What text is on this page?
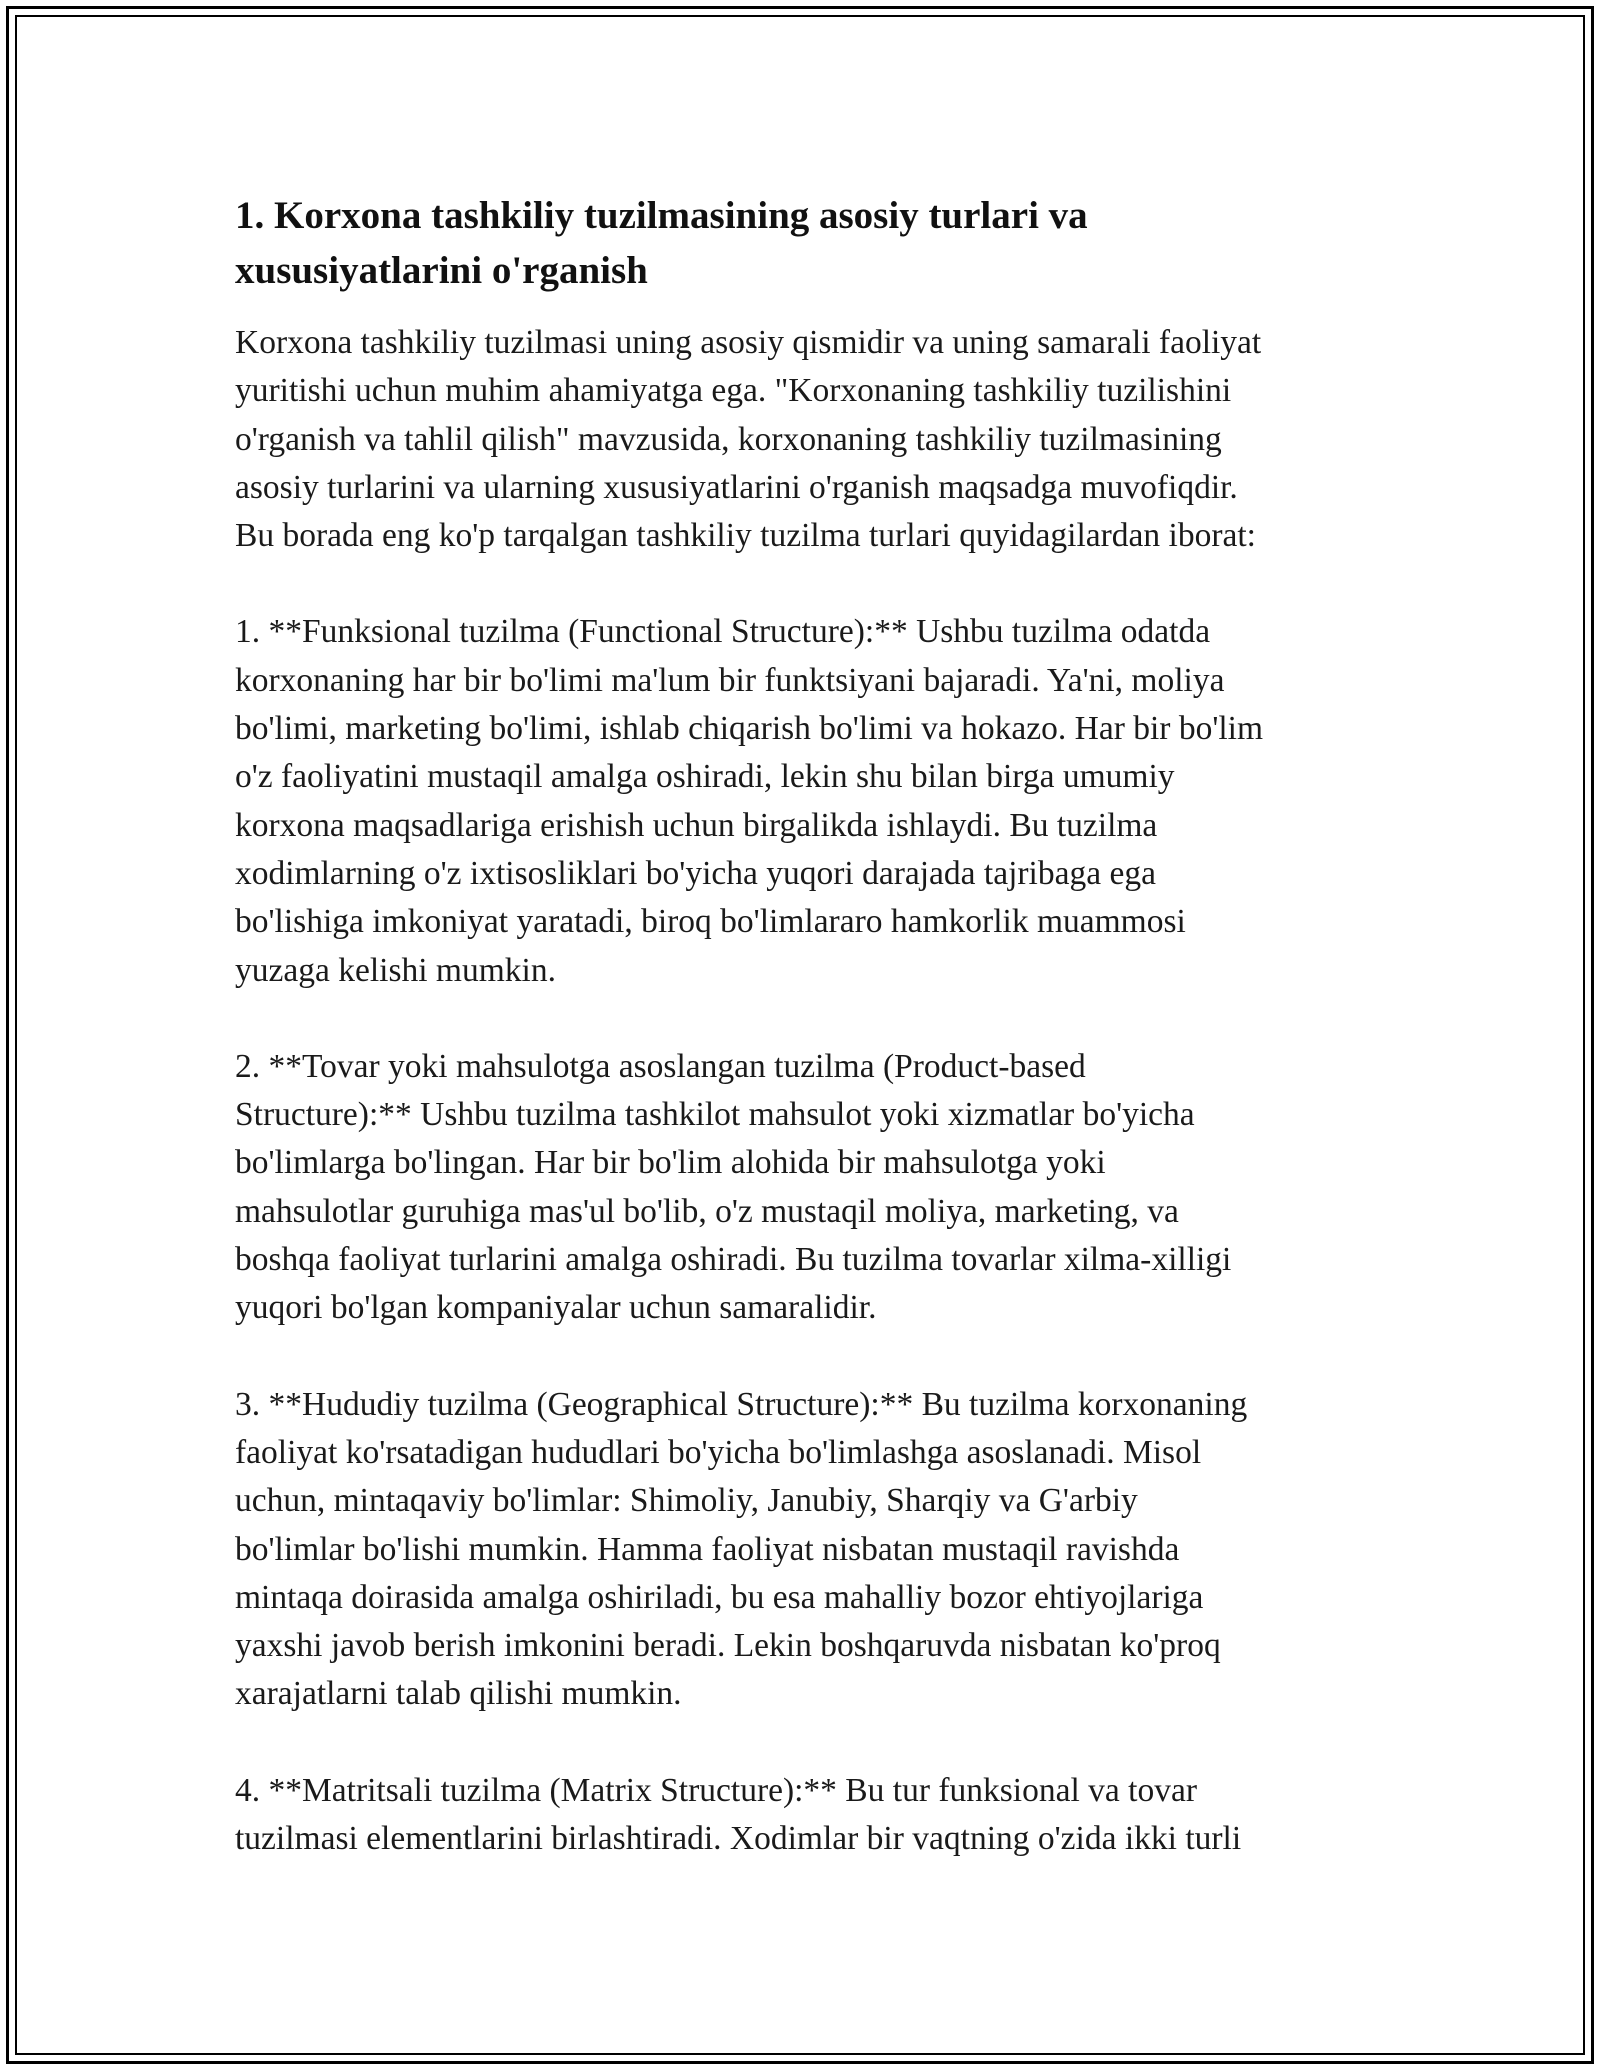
1. Korxona tashkiliy tuzilmasining asosiy turlari va
xususiyatlarini o'rganish

Korxona tashkiliy tuzilmasi uning asosiy qismidir va uning samarali faoliyat
yuritishi uchun muhim ahamiyatga ega. "Korxonaning tashkiliy tuzilishini
o'rganish va tahlil qilish" mavzusida, korxonaning tashkiliy tuzilmasining
asosiy turlarini va ularning xususiyatlarini o'rganish maqsadga muvofiqdir.
Bu borada eng ko'p tarqalgan tashkiliy tuzilma turlari quyidagilardan iborat:

1. **Funksional tuzilma (Functional Structure):** Ushbu tuzilma odatda
korxonaning har bir bo'limi ma'lum bir funktsiyani bajaradi. Ya'ni, moliya
bo'limi, marketing bo'limi, ishlab chiqarish bo'limi va hokazo. Har bir bo'lim
o'z faoliyatini mustaqil amalga oshiradi, lekin shu bilan birga umumiy
korxona maqsadlariga erishish uchun birgalikda ishlaydi. Bu tuzilma
xodimlarning o'z ixtisosliklari bo'yicha yuqori darajada tajribaga ega
bo'lishiga imkoniyat yaratadi, biroq bo'limlararo hamkorlik muammosi
yuzaga kelishi mumkin.

2. **Tovar yoki mahsulotga asoslangan tuzilma (Product-based
Structure):** Ushbu tuzilma tashkilot mahsulot yoki xizmatlar bo'yicha
bo'limlarga bo'lingan. Har bir bo'lim alohida bir mahsulotga yoki
mahsulotlar guruhiga mas'ul bo'lib, o'z mustaqil moliya, marketing, va
boshqa faoliyat turlarini amalga oshiradi. Bu tuzilma tovarlar xilma-xilligi
yuqori bo'lgan kompaniyalar uchun samaralidir.

3. **Hududiy tuzilma (Geographical Structure):** Bu tuzilma korxonaning
faoliyat ko'rsatadigan hududlari bo'yicha bo'limlashga asoslanadi. Misol
uchun, mintaqaviy bo'limlar: Shimoliy, Janubiy, Sharqiy va G'arbiy
bo'limlar bo'lishi mumkin. Hamma faoliyat nisbatan mustaqil ravishda
mintaqa doirasida amalga oshiriladi, bu esa mahalliy bozor ehtiyojlariga
yaxshi javob berish imkonini beradi. Lekin boshqaruvda nisbatan ko'proq
xarajatlarni talab qilishi mumkin.

4. **Matritsali tuzilma (Matrix Structure):** Bu tur funksional va tovar
tuzilmasi elementlarini birlashtiradi. Xodimlar bir vaqtning o'zida ikki turli
